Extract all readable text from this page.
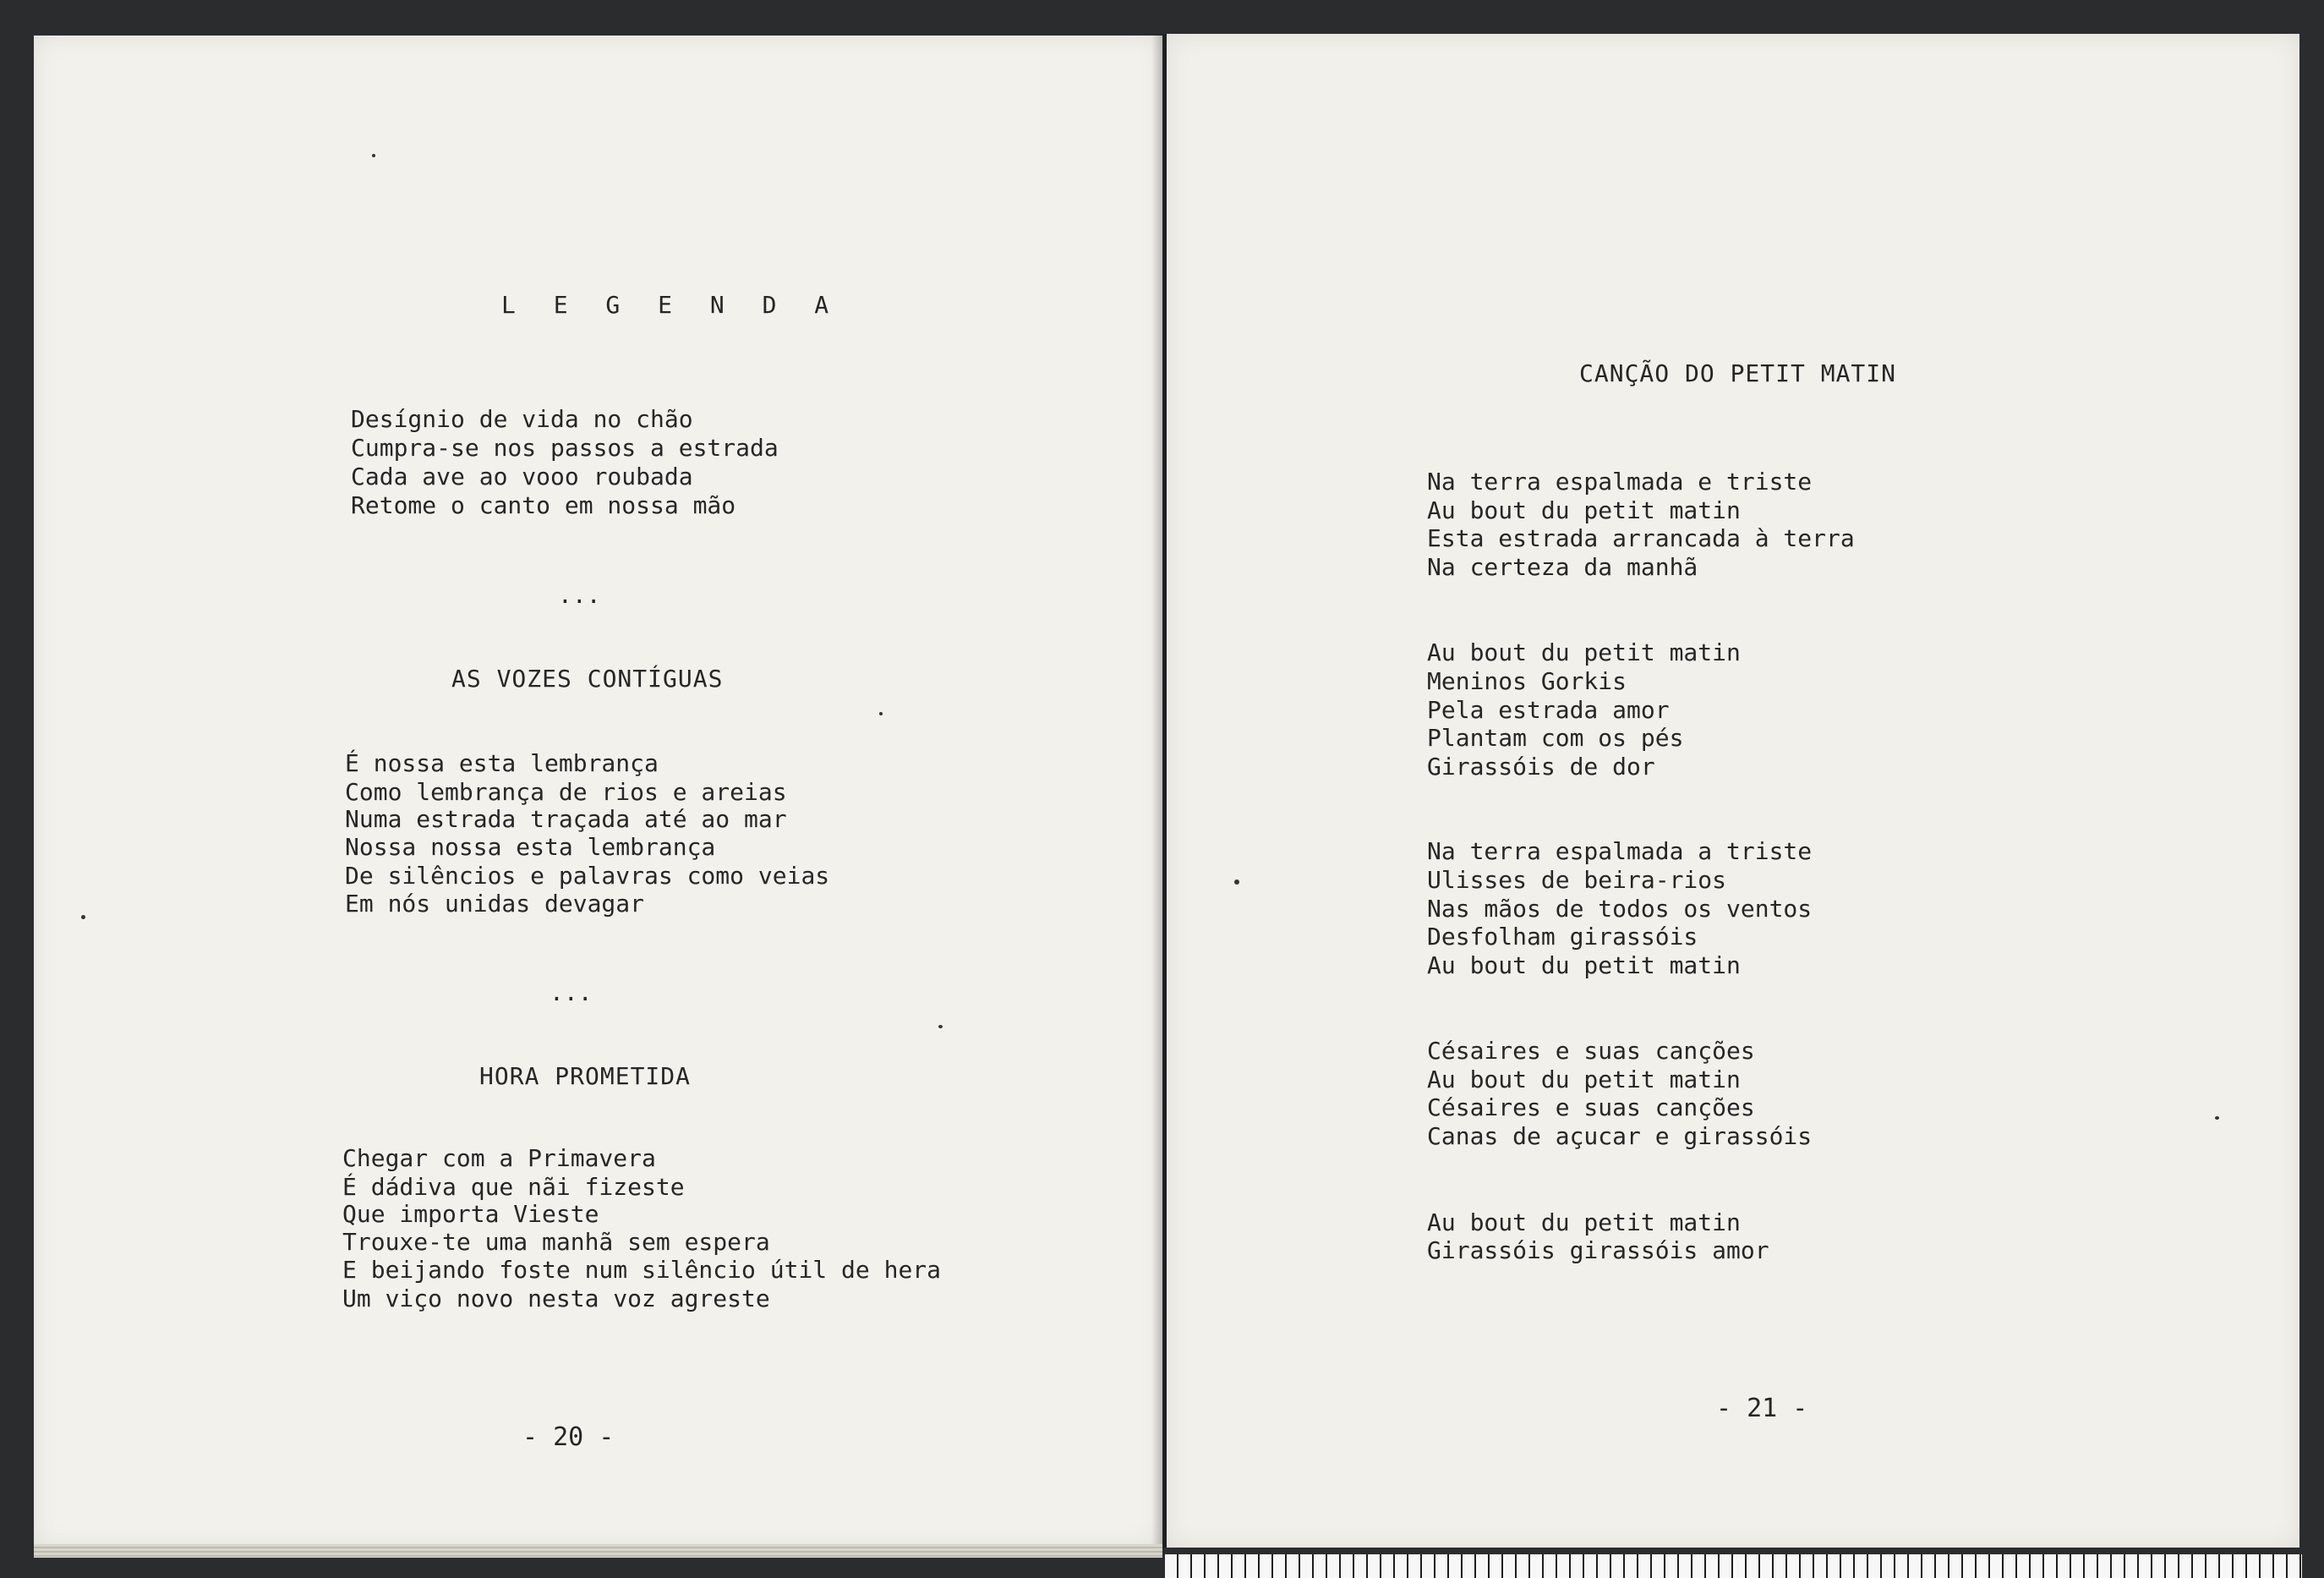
L E G E N D A
Desígnio de vida no chão
Cumpra-se nos passos a estrada
Cada ave ao vooo roubada
Retome o canto em nossa mão
...
AS VOZES CONTÍGUAS
É nossa esta lembrança
Como lembrança de rios e areias
Numa estrada traçada até ao mar
Nossa nossa esta lembrança
De silêncios e palavras como veias
Em nós unidas devagar
...
HORA PROMETIDA
Chegar com a Primavera
É dádiva que nãi fizeste
Que importa Vieste
Trouxe-te uma manhã sem espera
E beijando foste num silêncio útil de hera
Um viço novo nesta voz agreste
- 20 -
CANÇÃO DO PETIT MATIN
Na terra espalmada e triste
Au bout du petit matin
Esta estrada arrancada à terra
Na certeza da manhã
Au bout du petit matin
Meninos Gorkis
Pela estrada amor
Plantam com os pés
Girassóis de dor
Na terra espalmada a triste
Ulisses de beira-rios
Nas mãos de todos os ventos
Desfolham girassóis
Au bout du petit matin
Césaires e suas canções
Au bout du petit matin
Césaires e suas canções
Canas de açucar e girassóis
Au bout du petit matin
Girassóis girassóis amor
- 21 -
